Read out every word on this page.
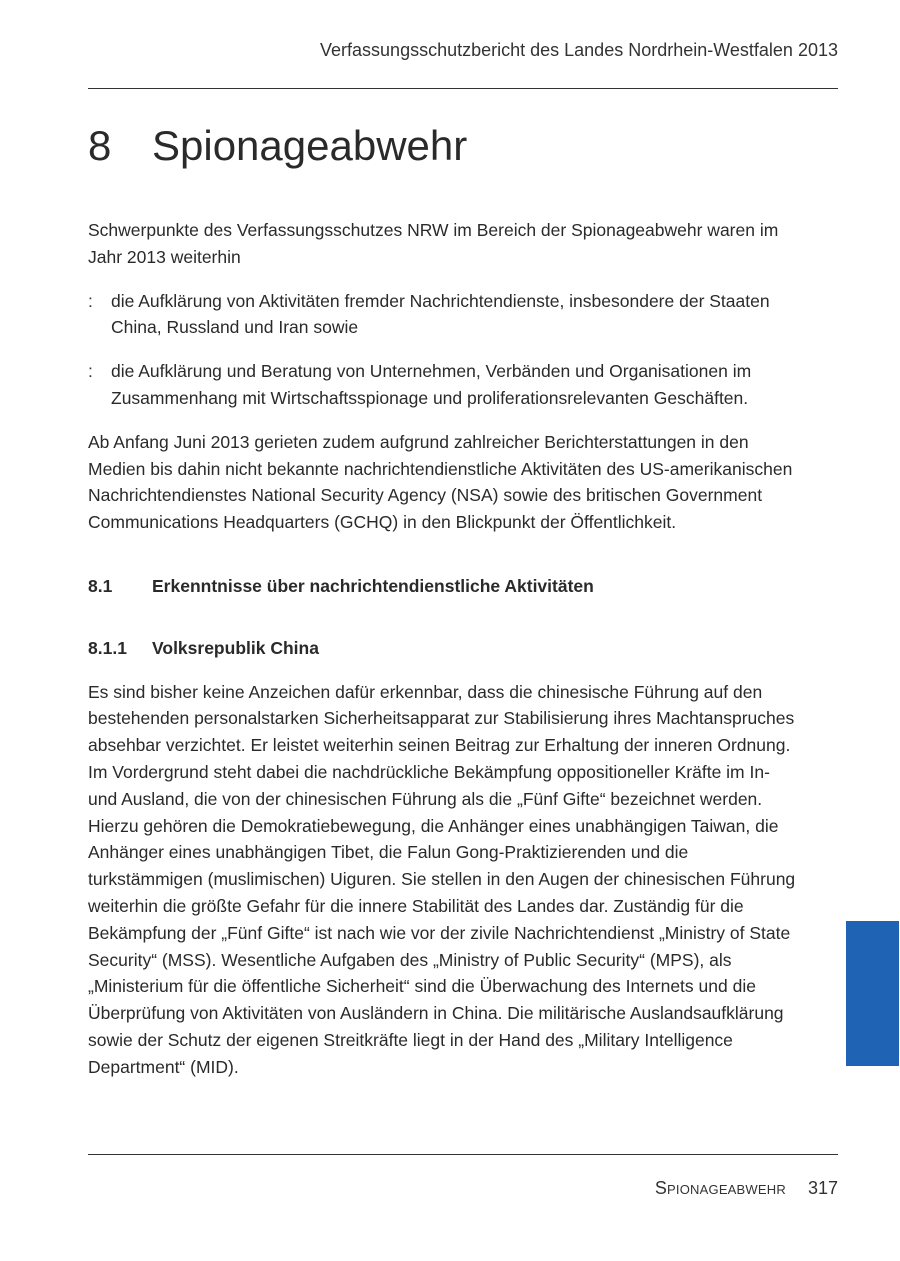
Verfassungsschutzbericht des Landes Nordrhein-Westfalen 2013
8 Spionageabwehr

Schwerpunkte des Verfassungsschutzes NRW im Bereich der Spionageabwehr waren im Jahr 2013 weiterhin

:	die Aufklärung von Aktivitäten fremder Nachrichtendienste, insbesondere der Staaten China, Russland und Iran sowie
:	die Aufklärung und Beratung von Unternehmen, Verbänden und Organisationen im Zusammenhang mit Wirtschaftsspionage und proliferationsrelevanten Geschäften.

Ab Anfang Juni 2013 gerieten zudem aufgrund zahlreicher Berichterstattungen in den Medien bis dahin nicht bekannte nachrichtendienstliche Aktivitäten des US-amerikanischen Nachrichtendienstes National Security Agency (NSA) sowie des britischen Government Communications Headquarters (GCHQ) in den Blickpunkt der Öffentlichkeit.

8.1 Erkenntnisse über nachrichtendienstliche Aktivitäten
8.1.1 Volksrepublik China

Es sind bisher keine Anzeichen dafür erkennbar, dass die chinesische Führung auf den bestehenden personalstarken Sicherheitsapparat zur Stabilisierung ihres Machtanspruches absehbar verzichtet. Er leistet weiterhin seinen Beitrag zur Erhaltung der inneren Ordnung. Im Vordergrund steht dabei die nachdrückliche Bekämpfung oppositioneller Kräfte im In- und Ausland, die von der chinesischen Führung als die „Fünf Gifte“ bezeichnet werden. Hierzu gehören die Demokratiebewegung, die Anhänger eines unabhängigen Taiwan, die Anhänger eines unabhängigen Tibet, die Falun Gong-Praktizierenden und die turkstämmigen (muslimischen) Uiguren. Sie stellen in den Augen der chinesischen Führung weiterhin die größte Gefahr für die innere Stabilität des Landes dar. Zuständig für die Bekämpfung der „Fünf Gifte“ ist nach wie vor der zivile Nachrichtendienst „Ministry of State Security“ (MSS). Wesentliche Aufgaben des „Ministry of Public Security“ (MPS), als „Ministerium für die öffentliche Sicherheit“ sind die Überwachung des Internets und die Überprüfung von Aktivitäten von Ausländern in China. Die militärische Auslandsaufklärung sowie der Schutz der eigenen Streitkräfte liegt in der Hand des „Military Intelligence Department“ (MID).

Spionageabwehr 317
